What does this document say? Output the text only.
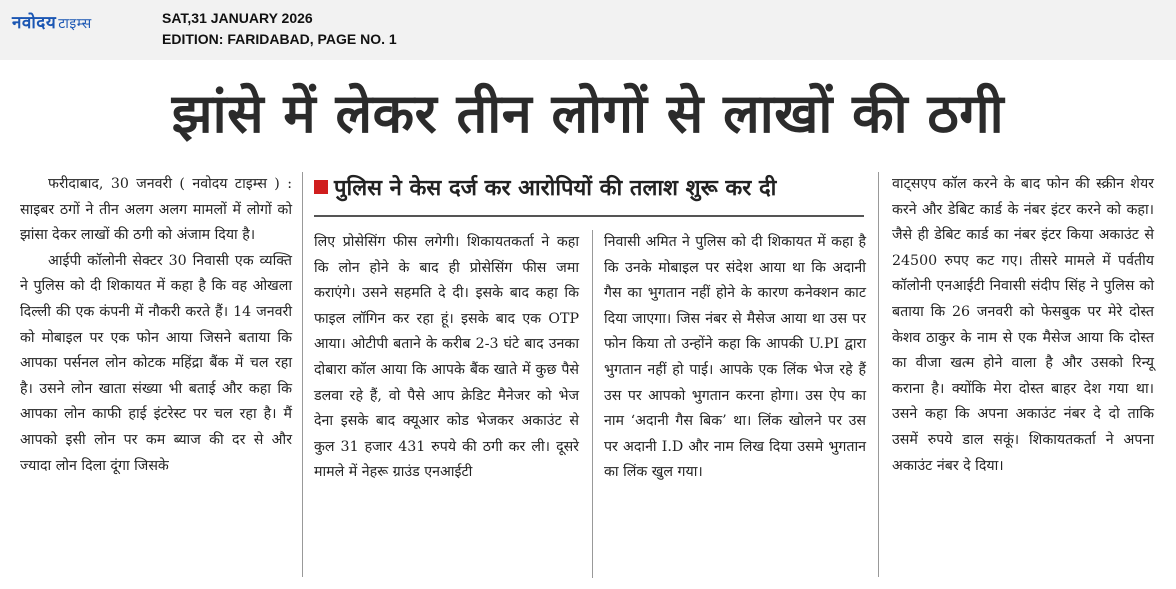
नवोदय टाइम्स	SAT,31 JANUARY 2026
EDITION: FARIDABAD, PAGE NO. 1
झांसे में लेकर तीन लोगों से लाखों की ठगी

फरीदाबाद, 30 जनवरी ( नवोदय टाइम्स ) : साइबर ठगों ने तीन अलग अलग मामलों में लोगों को झांसा देकर लाखों की ठगी को अंजाम दिया है।

आईपी कॉलोनी सेक्टर 30 निवासी एक व्यक्ति ने पुलिस को दी शिकायत में कहा है कि वह ओखला दिल्ली की एक कंपनी में नौकरी करते हैं। 14 जनवरी को मोबाइल पर एक फोन आया जिसने बताया कि आपका पर्सनल लोन कोटक महिंद्रा बैंक में चल रहा है। उसने लोन खाता संख्या भी बताई और कहा कि आपका लोन काफी हाई इंटरेस्ट पर चल रहा है। मैं आपको इसी लोन पर कम ब्याज की दर से और ज्यादा लोन दिला दूंगा जिसके

पुलिस ने केस दर्ज कर आरोपियों की तलाश शुरू कर दी

लिए प्रोसेसिंग फीस लगेगी। शिकायतकर्ता ने कहा कि लोन होने के बाद ही प्रोसेसिंग फीस जमा कराएंगे। उसने सहमति दे दी। इसके बाद कहा कि फाइल लॉगिन कर रहा हूं। इसके बाद एक OTP आया। ओटीपी बताने के करीब 2-3 घंटे बाद उनका दोबारा कॉल आया कि आपके बैंक खाते में कुछ पैसे डलवा रहे हैं, वो पैसे आप क्रेडिट मैनेजर को भेज देना इसके बाद क्यूआर कोड भेजकर अकाउंट से कुल 31 हजार 431 रुपये की ठगी कर ली। दूसरे मामले में नेहरू ग्राउंड एनआईटी

निवासी अमित ने पुलिस को दी शिकायत में कहा है कि उनके मोबाइल पर संदेश आया था कि अदानी गैस का भुगतान नहीं होने के कारण कनेक्शन काट दिया जाएगा। जिस नंबर से मैसेज आया था उस पर फोन किया तो उन्होंने कहा कि आपकी U.PI द्वारा भुगतान नहीं हो पाई। आपके एक लिंक भेज रहे हैं उस पर आपको भुगतान करना होगा। उस ऐप का नाम ‘अदानी गैस बिक’ था। लिंक खोलने पर उस पर अदानी I.D और नाम लिख दिया उसमे भुगतान का लिंक खुल गया।

वाट्सएप कॉल करने के बाद फोन की स्क्रीन शेयर करने और डेबिट कार्ड के नंबर इंटर करने को कहा। जैसे ही डेबिट कार्ड का नंबर इंटर किया अकाउंट से 24500 रुपए कट गए। तीसरे मामले में पर्वतीय कॉलोनी एनआईटी निवासी संदीप सिंह ने पुलिस को बताया कि 26 जनवरी को फेसबुक पर मेरे दोस्त केशव ठाकुर के नाम से एक मैसेज आया कि दोस्त का वीजा खत्म होने वाला है और उसको रिन्यू कराना है। क्योंकि मेरा दोस्त बाहर देश गया था। उसने कहा कि अपना अकाउंट नंबर दे दो ताकि उसमें रुपये डाल सकूं। शिकायतकर्ता ने अपना अकाउंट नंबर दे दिया।
